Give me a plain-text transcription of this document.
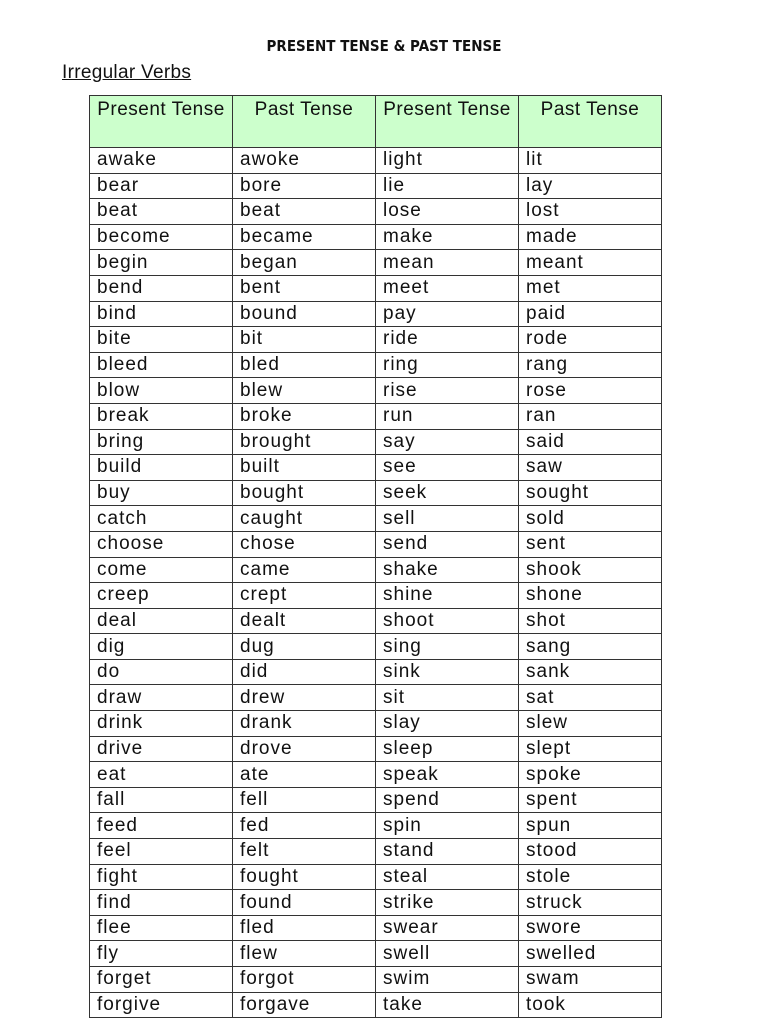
PRESENT TENSE & PAST TENSE
Irregular Verbs
Present Tense	Past Tense	Present Tense	Past Tense
awake	awoke	light	lit
bear	bore	lie	lay
beat	beat	lose	lost
become	became	make	made
begin	began	mean	meant
bend	bent	meet	met
bind	bound	pay	paid
bite	bit	ride	rode
bleed	bled	ring	rang
blow	blew	rise	rose
break	broke	run	ran
bring	brought	say	said
build	built	see	saw
buy	bought	seek	sought
catch	caught	sell	sold
choose	chose	send	sent
come	came	shake	shook
creep	crept	shine	shone
deal	dealt	shoot	shot
dig	dug	sing	sang
do	did	sink	sank
draw	drew	sit	sat
drink	drank	slay	slew
drive	drove	sleep	slept
eat	ate	speak	spoke
fall	fell	spend	spent
feed	fed	spin	spun
feel	felt	stand	stood
fight	fought	steal	stole
find	found	strike	struck
flee	fled	swear	swore
fly	flew	swell	swelled
forget	forgot	swim	swam
forgive	forgave	take	took
